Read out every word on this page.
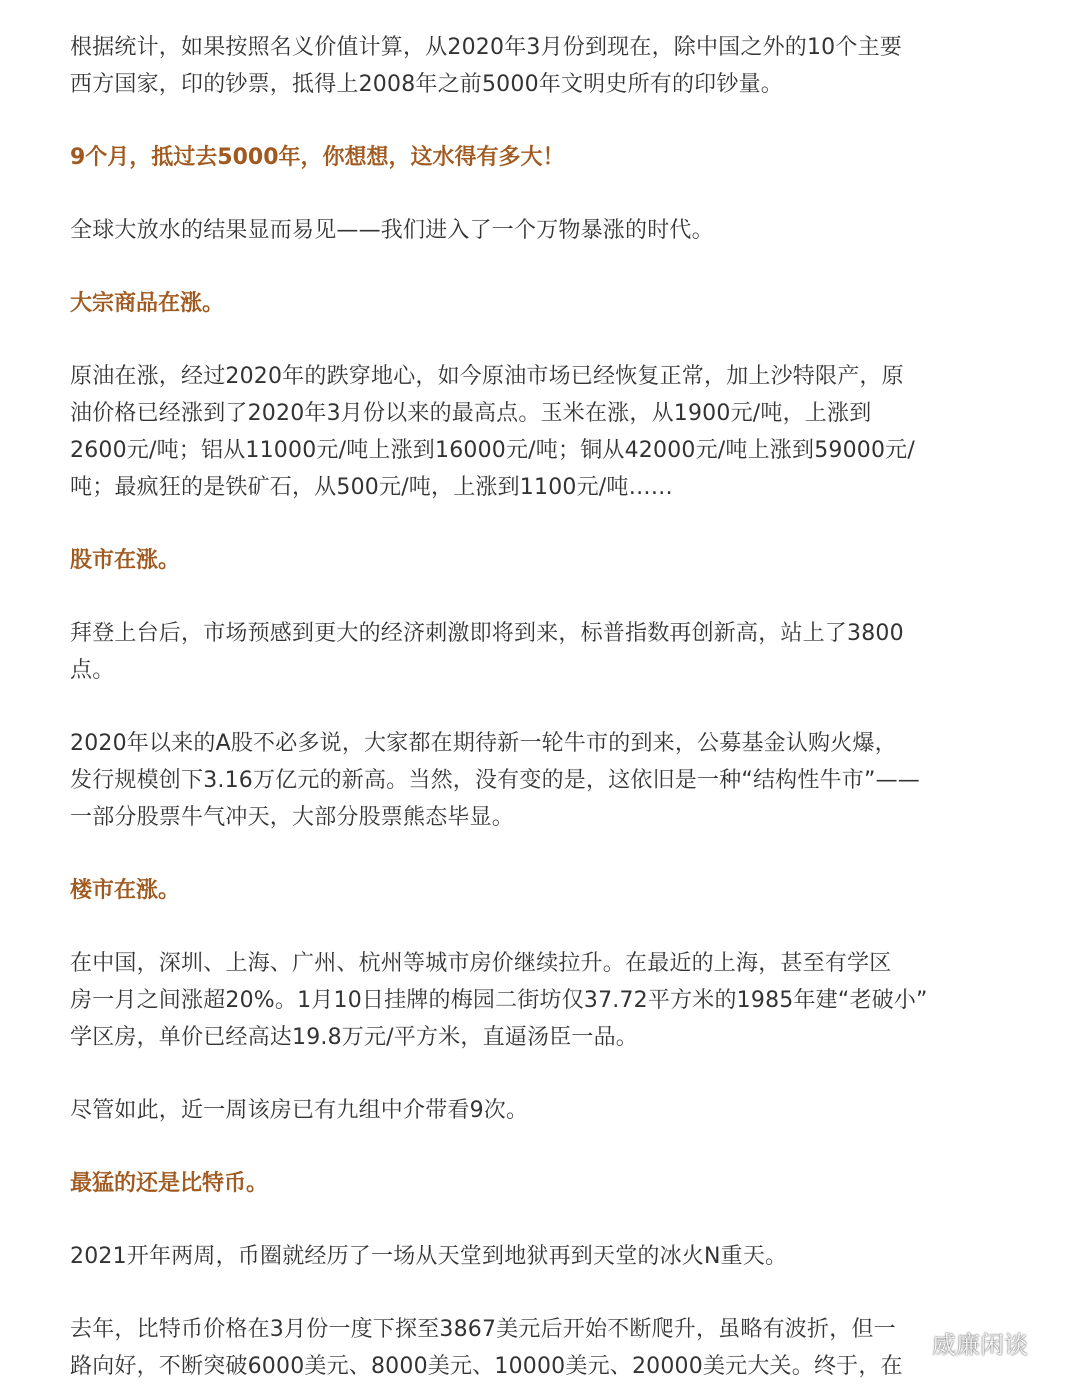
根据统计，如果按照名义价值计算，从2020年3月份到现在，除中国之外的10个主要
西方国家，印的钞票，抵得上2008年之前5000年文明史所有的印钞量。

9个月，抵过去5000年，你想想，这水得有多大！

全球大放水的结果显而易见——我们进入了一个万物暴涨的时代。

大宗商品在涨。

原油在涨，经过2020年的跌穿地心，如今原油市场已经恢复正常，加上沙特限产，原
油价格已经涨到了2020年3月份以来的最高点。玉米在涨，从1900元/吨，上涨到
2600元/吨；铝从11000元/吨上涨到16000元/吨；铜从42000元/吨上涨到59000元/
吨；最疯狂的是铁矿石，从500元/吨，上涨到1100元/吨……

股市在涨。

拜登上台后，市场预感到更大的经济刺激即将到来，标普指数再创新高，站上了3800
点。

2020年以来的A股不必多说，大家都在期待新一轮牛市的到来，公募基金认购火爆，
发行规模创下3.16万亿元的新高。当然，没有变的是，这依旧是一种“结构性牛市”——
一部分股票牛气冲天，大部分股票熊态毕显。

楼市在涨。

在中国，深圳、上海、广州、杭州等城市房价继续拉升。在最近的上海，甚至有学区
房一月之间涨超20%。1月10日挂牌的梅园二街坊仅37.72平方米的1985年建“老破小”
学区房，单价已经高达19.8万元/平方米，直逼汤臣一品。

尽管如此，近一周该房已有九组中介带看9次。

最猛的还是比特币。

2021开年两周，币圈就经历了一场从天堂到地狱再到天堂的冰火N重天。

去年，比特币价格在3月份一度下探至3867美元后开始不断爬升，虽略有波折，但一
路向好，不断突破6000美元、8000美元、10000美元、20000美元大关。终于，在

威廉闲谈
